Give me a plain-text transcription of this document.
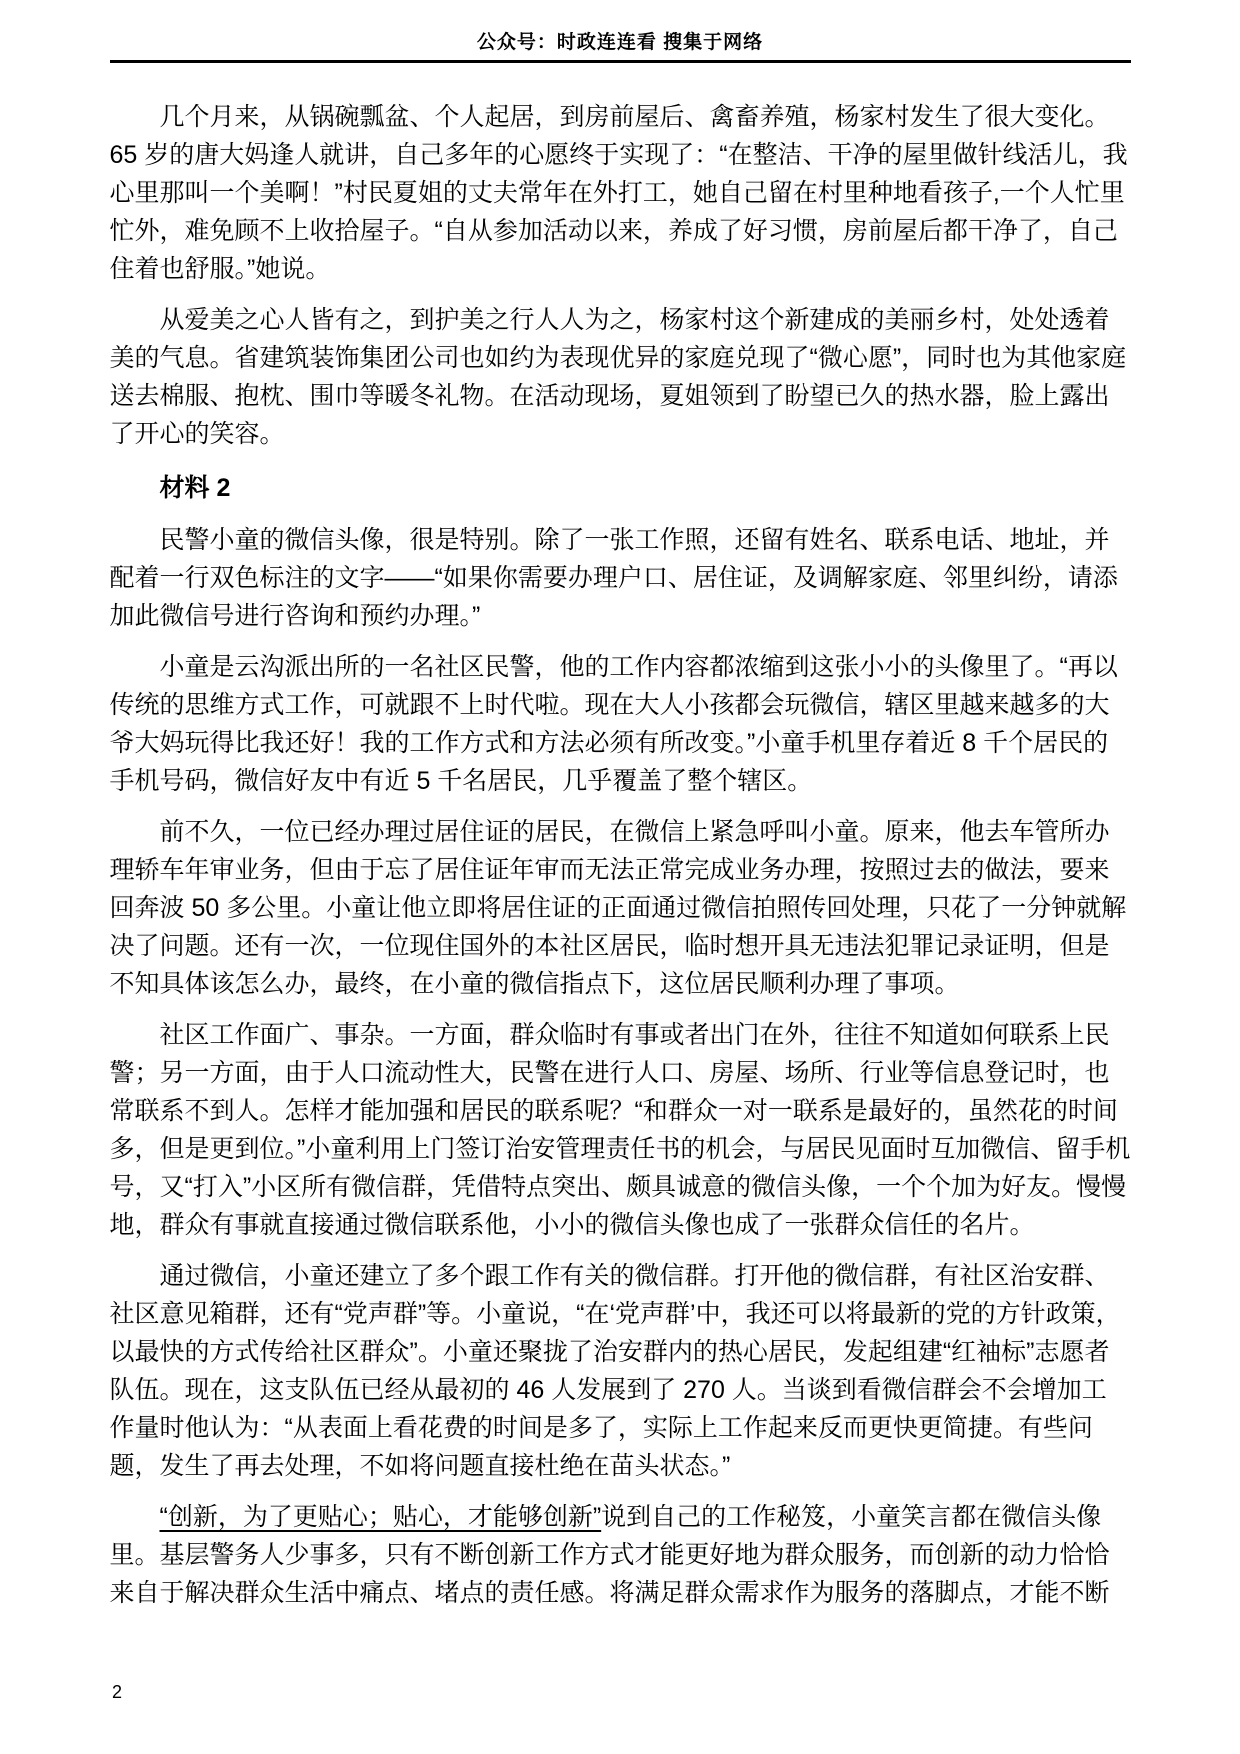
公众号：时政连连看 搜集于网络

几个月来，从锅碗瓢盆、个人起居，到房前屋后、禽畜养殖，杨家村发生了很大变化。65 岁的唐大妈逢人就讲，自己多年的心愿终于实现了：“在整洁、干净的屋里做针线活儿，我心里那叫一个美啊！”村民夏姐的丈夫常年在外打工，她自己留在村里种地看孩子,一个人忙里忙外，难免顾不上收拾屋子。“自从参加活动以来，养成了好习惯，房前屋后都干净了，自己住着也舒服。”她说。

从爱美之心人皆有之，到护美之行人人为之，杨家村这个新建成的美丽乡村，处处透着美的气息。省建筑装饰集团公司也如约为表现优异的家庭兑现了“微心愿”，同时也为其他家庭送去棉服、抱枕、围巾等暖冬礼物。在活动现场，夏姐领到了盼望已久的热水器，脸上露出了开心的笑容。

材料 2

民警小童的微信头像，很是特别。除了一张工作照，还留有姓名、联系电话、地址，并配着一行双色标注的文字——“如果你需要办理户口、居住证，及调解家庭、邻里纠纷，请添加此微信号进行咨询和预约办理。”

小童是云沟派出所的一名社区民警，他的工作内容都浓缩到这张小小的头像里了。“再以传统的思维方式工作，可就跟不上时代啦。现在大人小孩都会玩微信，辖区里越来越多的大爷大妈玩得比我还好！我的工作方式和方法必须有所改变。”小童手机里存着近 8 千个居民的手机号码，微信好友中有近 5 千名居民，几乎覆盖了整个辖区。

前不久，一位已经办理过居住证的居民，在微信上紧急呼叫小童。原来，他去车管所办理轿车年审业务，但由于忘了居住证年审而无法正常完成业务办理，按照过去的做法，要来回奔波 50 多公里。小童让他立即将居住证的正面通过微信拍照传回处理，只花了一分钟就解决了问题。还有一次，一位现住国外的本社区居民，临时想开具无违法犯罪记录证明，但是不知具体该怎么办，最终，在小童的微信指点下，这位居民顺利办理了事项。

社区工作面广、事杂。一方面，群众临时有事或者出门在外，往往不知道如何联系上民警；另一方面，由于人口流动性大，民警在进行人口、房屋、场所、行业等信息登记时，也常联系不到人。怎样才能加强和居民的联系呢？“和群众一对一联系是最好的，虽然花的时间多，但是更到位。”小童利用上门签订治安管理责任书的机会，与居民见面时互加微信、留手机号，又“打入”小区所有微信群，凭借特点突出、颇具诚意的微信头像，一个个加为好友。慢慢地，群众有事就直接通过微信联系他，小小的微信头像也成了一张群众信任的名片。

通过微信，小童还建立了多个跟工作有关的微信群。打开他的微信群，有社区治安群、社区意见箱群，还有“党声群”等。小童说，“在‘党声群’中，我还可以将最新的党的方针政策，以最快的方式传给社区群众”。小童还聚拢了治安群内的热心居民，发起组建“红袖标”志愿者队伍。现在，这支队伍已经从最初的 46 人发展到了 270 人。当谈到看微信群会不会增加工作量时他认为：“从表面上看花费的时间是多了，实际上工作起来反而更快更简捷。有些问题，发生了再去处理，不如将问题直接杜绝在苗头状态。”

“创新，为了更贴心；贴心，才能够创新”说到自己的工作秘笈，小童笑言都在微信头像里。基层警务人少事多，只有不断创新工作方式才能更好地为群众服务，而创新的动力恰恰来自于解决群众生活中痛点、堵点的责任感。将满足群众需求作为服务的落脚点，才能不断

2
